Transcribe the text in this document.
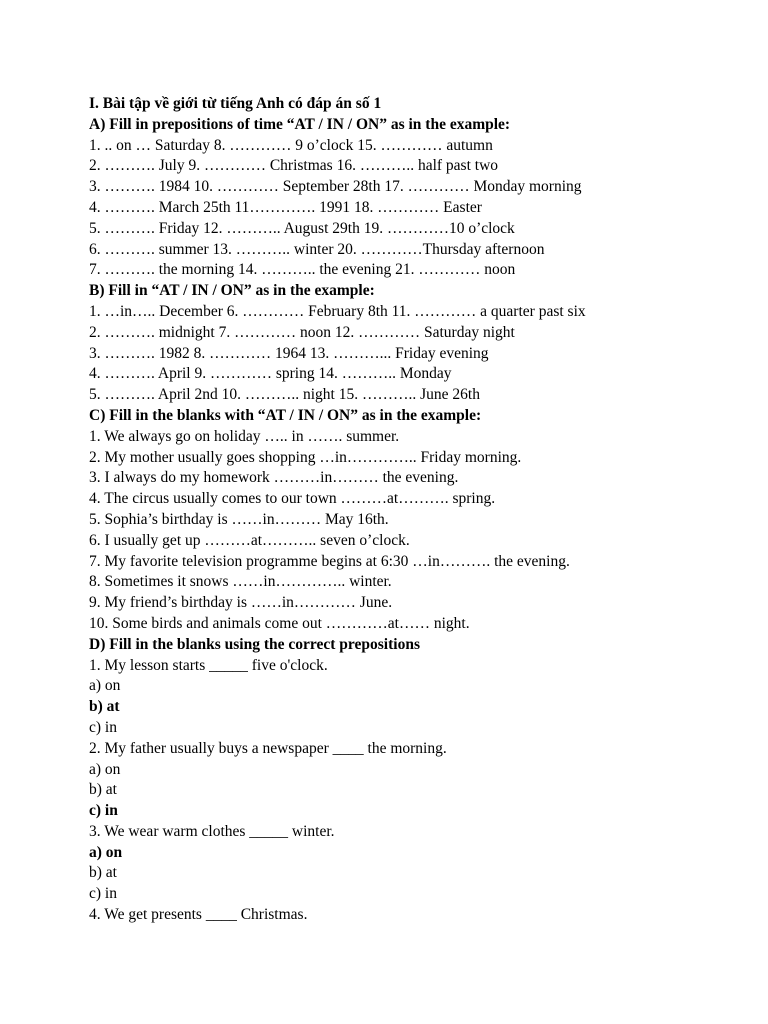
I. Bài tập về giới từ tiếng Anh có đáp án số 1
A) Fill in prepositions of time “AT / IN / ON” as in the example:
1. .. on … Saturday 8. ………… 9 o’clock 15. ………… autumn
2. ………. July 9. ………… Christmas 16. ……….. half past two
3. ………. 1984 10. ………… September 28th 17. ………… Monday morning
4. ………. March 25th 11…………. 1991 18. ………… Easter
5. ………. Friday 12. ……….. August 29th 19. …………10 o’clock
6. ………. summer 13. ……….. winter 20. …………Thursday afternoon
7. ………. the morning 14. ……….. the evening 21. ………… noon
B) Fill in “AT / IN / ON” as in the example:
1. …in….. December 6. ………… February 8th 11. ………… a quarter past six
2. ………. midnight 7. ………… noon 12. ………… Saturday night
3. ………. 1982 8. ………… 1964 13. ………... Friday evening
4. ………. April 9. ………… spring 14. ……….. Monday
5. ………. April 2nd 10. ……….. night 15. ……….. June 26th
C) Fill in the blanks with “AT / IN / ON” as in the example:
1. We always go on holiday ….. in ……. summer.
2. My mother usually goes shopping …in………….. Friday morning.
3. I always do my homework ………in……… the evening.
4. The circus usually comes to our town ………at………. spring.
5. Sophia’s birthday is ……in……… May 16th.
6. I usually get up ………at……….. seven o’clock.
7. My favorite television programme begins at 6:30 …in………. the evening.
8. Sometimes it snows ……in………….. winter.
9. My friend’s birthday is ……in………… June.
10. Some birds and animals come out …………at…… night.
D) Fill in the blanks using the correct prepositions
1. My lesson starts _____ five o'clock.
a) on
b) at
c) in
2. My father usually buys a newspaper ____ the morning.
a) on
b) at
c) in
3. We wear warm clothes _____ winter.
a) on
b) at
c) in
4. We get presents ____ Christmas.
